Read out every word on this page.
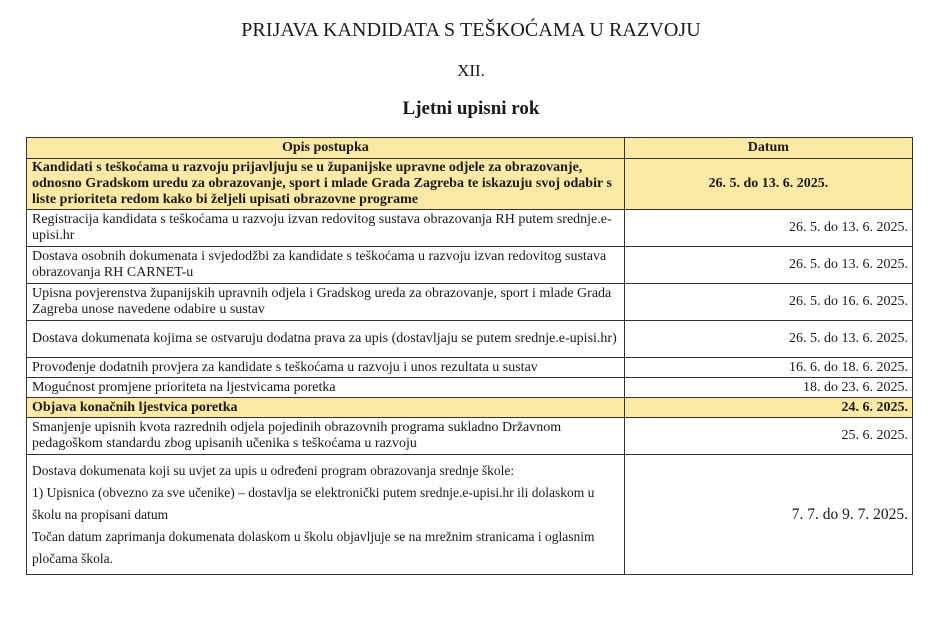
PRIJAVA KANDIDATA S TEŠKOĆAMA U RAZVOJU
XII.
Ljetni upisni rok
Opis postupka	Datum
Kandidati s teškoćama u razvoju prijavljuju se u županijske upravne odjele za obrazovanje, odnosno Gradskom uredu za obrazovanje, sport i mlade Grada Zagreba te iskazuju svoj odabir s liste prioriteta redom kako bi željeli upisati obrazovne programe	26. 5. do 13. 6. 2025.
Registracija kandidata s teškoćama u razvoju izvan redovitog sustava obrazovanja RH putem srednje.e-upisi.hr	26. 5. do 13. 6. 2025.
Dostava osobnih dokumenata i svjedodžbi za kandidate s teškoćama u razvoju izvan redovitog sustava obrazovanja RH CARNET-u	26. 5. do 13. 6. 2025.
Upisna povjerenstva županijskih upravnih odjela i Gradskog ureda za obrazovanje, sport i mlade Grada Zagreba unose navedene odabire u sustav	26. 5. do 16. 6. 2025.
Dostava dokumenata kojima se ostvaruju dodatna prava za upis (dostavljaju se putem srednje.e-upisi.hr)	26. 5. do 13. 6. 2025.
Provođenje dodatnih provjera za kandidate s teškoćama u razvoju i unos rezultata u sustav	16. 6. do 18. 6. 2025.
Mogućnost promjene prioriteta na ljestvicama poretka	18. do 23. 6. 2025.
Objava konačnih ljestvica poretka	24. 6. 2025.
Smanjenje upisnih kvota razrednih odjela pojedinih obrazovnih programa sukladno Državnom pedagoškom standardu zbog upisanih učenika s teškoćama u razvoju	25. 6. 2025.

Dostava dokumenata koji su uvjet za upis u određeni program obrazovanja srednje škole:

1) Upisnica (obvezno za sve učenike) – dostavlja se elektronički putem srednje.e-upisi.hr ili dolaskom u školu na propisani datum

Točan datum zaprimanja dokumenata dolaskom u školu objavljuje se na mrežnim stranicama i oglasnim pločama škola.	7. 7. do 9. 7. 2025.
